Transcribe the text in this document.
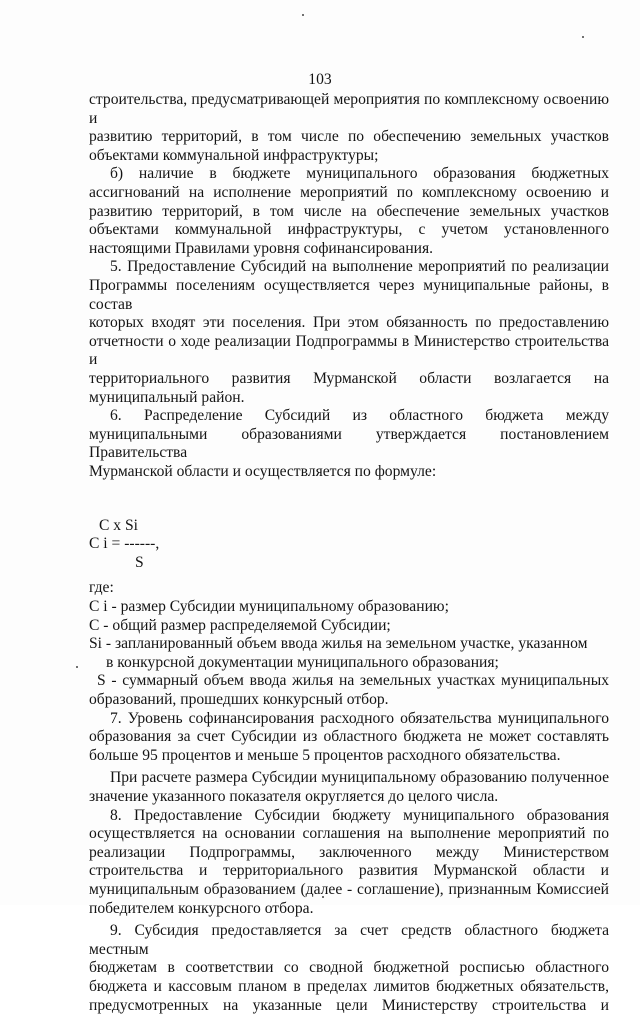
103

строительства, предусматривающей мероприятия по комплексному освоению и

развитию территорий, в том числе по обеспечению земельных участков

объектами коммунальной инфраструктуры;

б) наличие в бюджете муниципального образования бюджетных

ассигнований на исполнение мероприятий по комплексному освоению и

развитию территорий, в том числе на обеспечение земельных участков

объектами коммунальной инфраструктуры, с учетом установленного

настоящими Правилами уровня софинансирования.

5. Предоставление Субсидий на выполнение мероприятий по реализации

Программы поселениям осуществляется через муниципальные районы, в состав

которых входят эти поселения. При этом обязанность по предоставлению

отчетности о ходе реализации Подпрограммы в Министерство строительства и

территориального развития Мурманской области возлагается на

муниципальный район.

6. Распределение Субсидий из областного бюджета между

муниципальными образованиями утверждается постановлением Правительства

Мурманской области и осуществляется по формуле:

C x Si
C i = ------,
S

где:

C i - размер Субсидии муниципальному образованию;

C - общий размер распределяемой Субсидии;

Si - запланированный объем ввода жилья на земельном участке, указанном

в конкурсной документации муниципального образования;

S - суммарный объем ввода жилья на земельных участках муниципальных

образований, прошедших конкурсный отбор.

7. Уровень софинансирования расходного обязательства муниципального

образования за счет Субсидии из областного бюджета не может составлять

больше 95 процентов и меньше 5 процентов расходного обязательства.

При расчете размера Субсидии муниципальному образованию полученное

значение указанного показателя округляется до целого числа.

8. Предоставление Субсидии бюджету муниципального образования

осуществляется на основании соглашения на выполнение мероприятий по

реализации Подпрограммы, заключенного между Министерством

строительства и территориального развития Мурманской области и

муниципальным образованием (далее - соглашение), признанным Комиссией

победителем конкурсного отбора.

9. Субсидия предоставляется за счет средств областного бюджета местным

бюджетам в соответствии со сводной бюджетной росписью областного

бюджета и кассовым планом в пределах лимитов бюджетных обязательств,

предусмотренных на указанные цели Министерству строительства и
